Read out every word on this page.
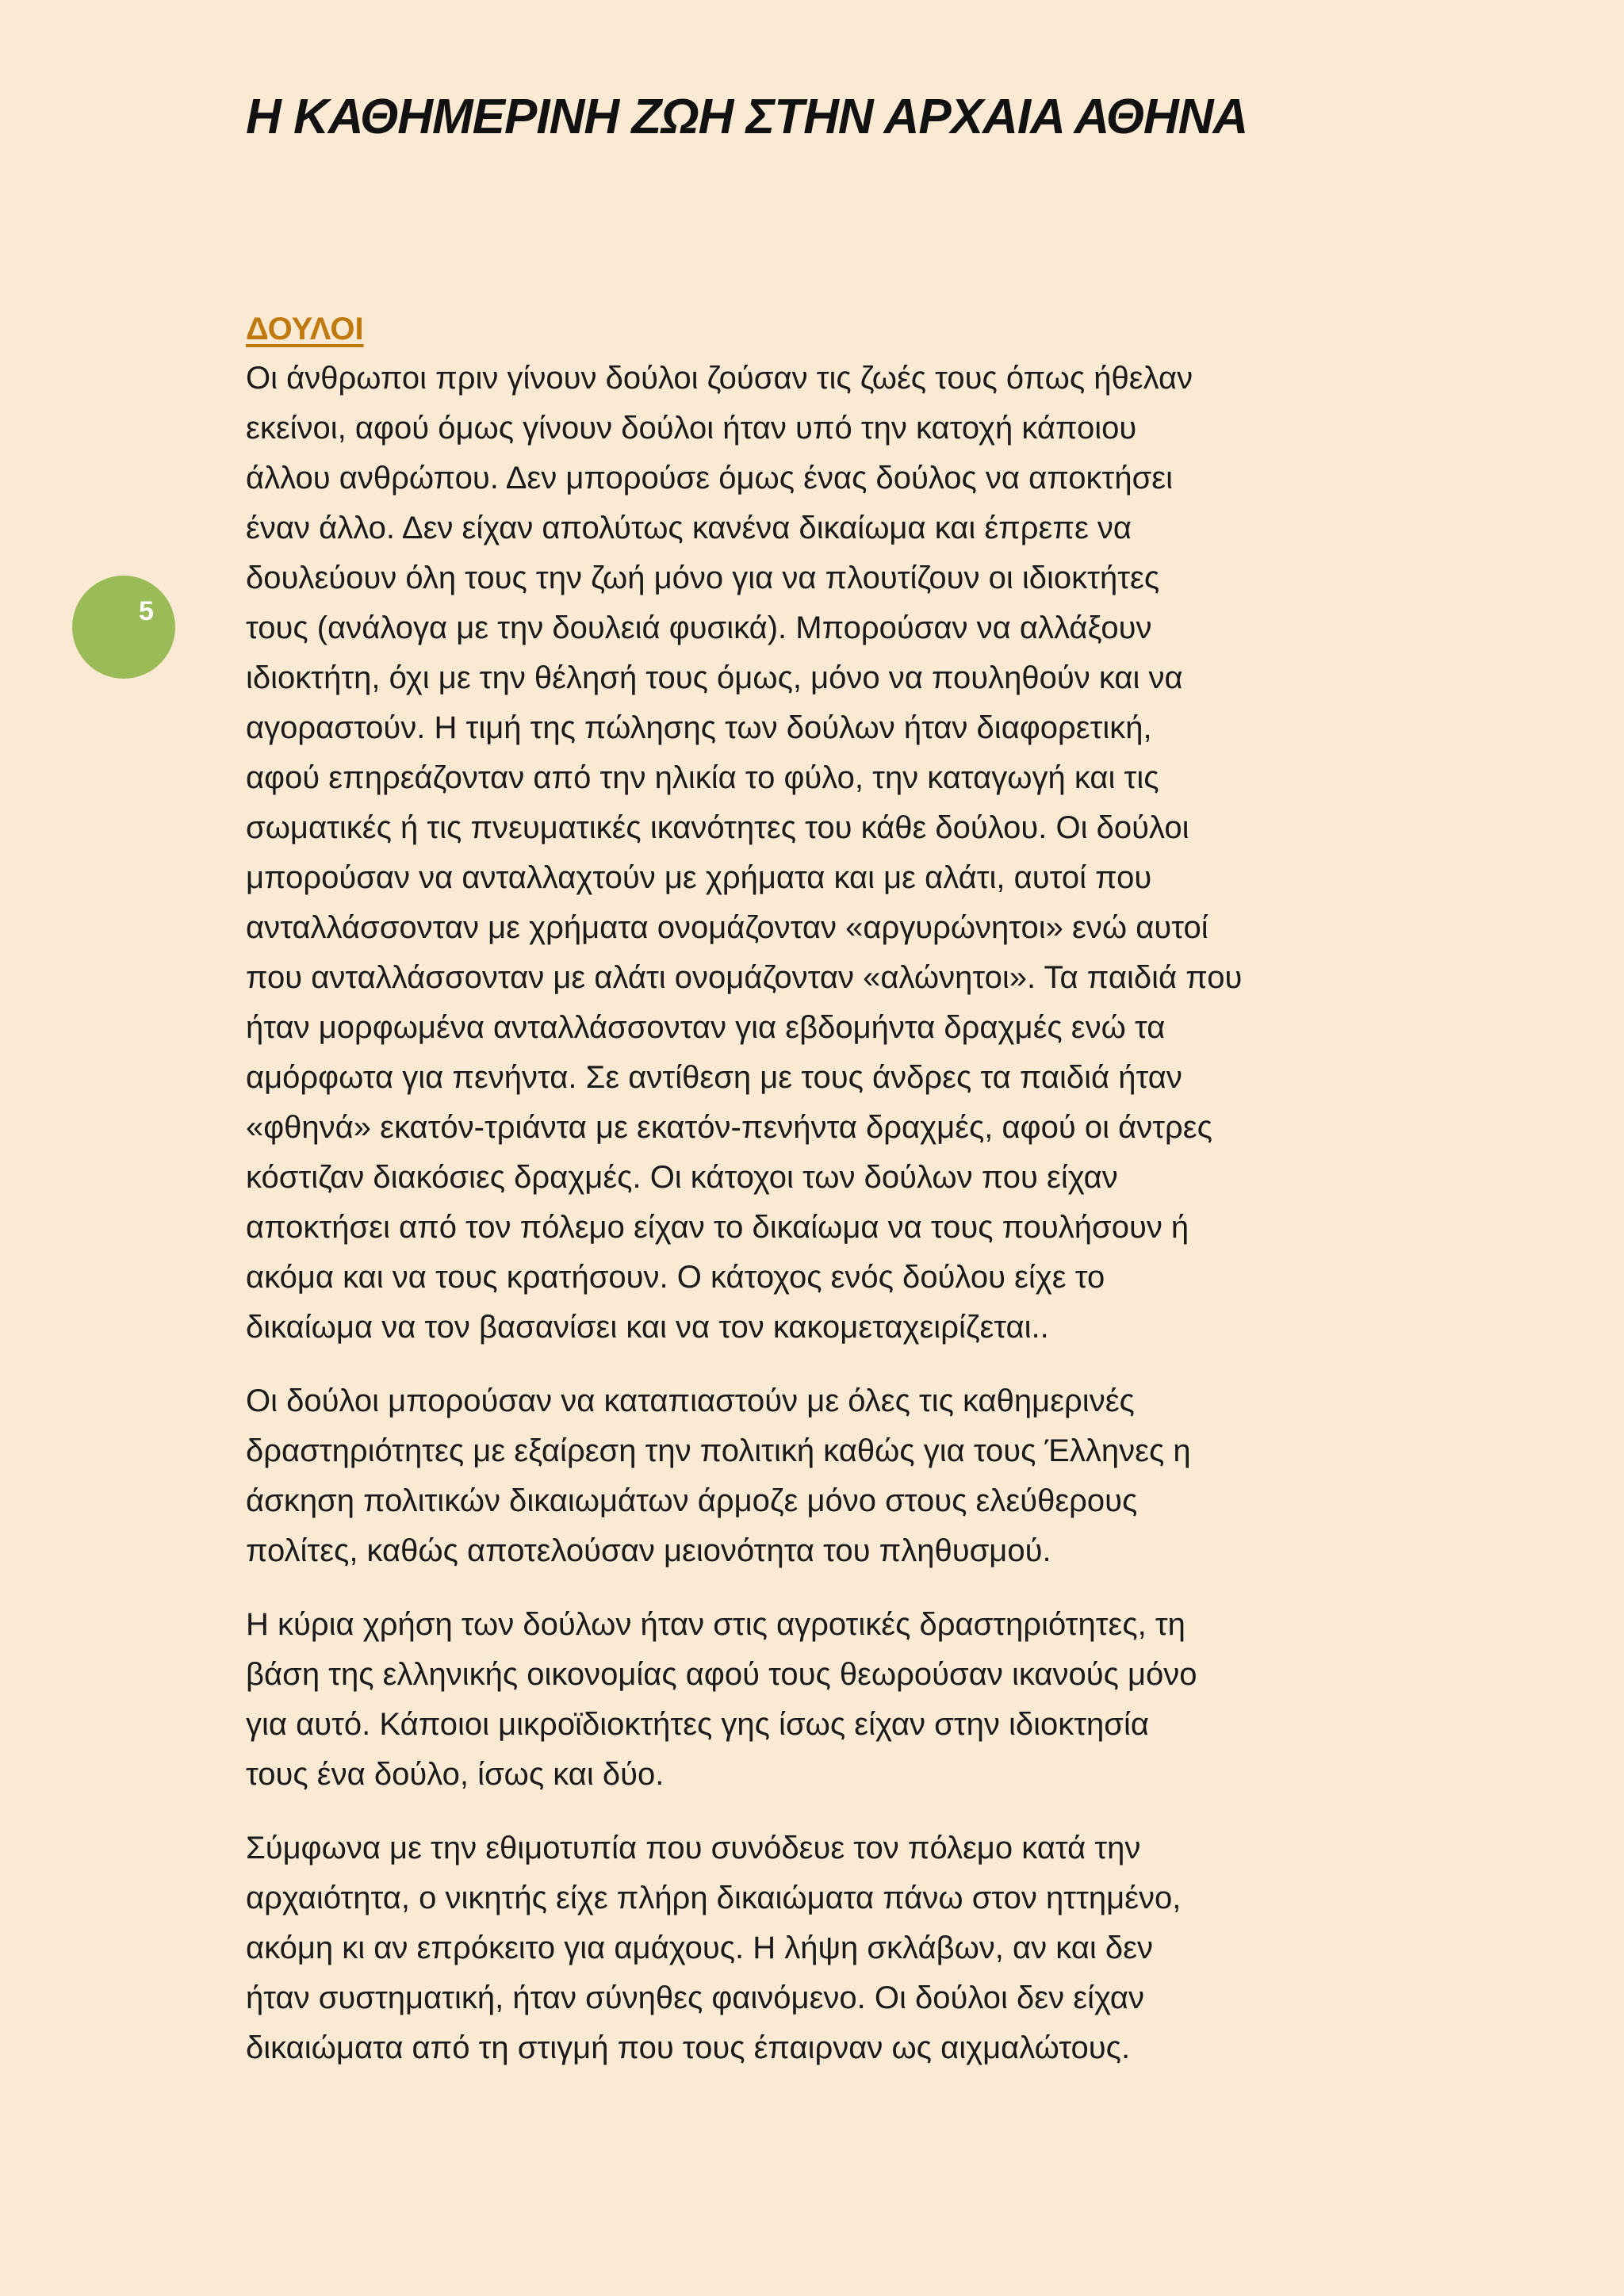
Η ΚΑΘΗΜΕΡΙΝΗ ΖΩΗ ΣΤΗΝ ΑΡΧΑΙΑ ΑΘΗΝΑ
5
ΔΟΥΛΟΙ

Οι άνθρωποι πριν γίνουν δούλοι ζούσαν τις ζωές τους όπως ήθελαν
εκείνοι, αφού όμως γίνουν δούλοι ήταν υπό την κατοχή κάποιου
άλλου ανθρώπου. Δεν μπορούσε όμως ένας δούλος να αποκτήσει
έναν άλλο. Δεν είχαν απολύτως κανένα δικαίωμα και έπρεπε να
δουλεύουν όλη τους την ζωή μόνο για να πλουτίζουν οι ιδιοκτήτες
τους (ανάλογα με την δουλειά φυσικά). Μπορούσαν να αλλάξουν
ιδιοκτήτη, όχι με την θέλησή τους όμως, μόνο να πουληθούν και να
αγοραστούν. Η τιμή της πώλησης των δούλων ήταν διαφορετική,
αφού επηρεάζονταν από την ηλικία το φύλο, την καταγωγή και τις
σωματικές ή τις πνευματικές ικανότητες του κάθε δούλου. Οι δούλοι
μπορούσαν να ανταλλαχτούν με χρήματα και με αλάτι, αυτοί που
ανταλλάσσονταν με χρήματα ονομάζονταν «αργυρώνητοι» ενώ αυτοί
που ανταλλάσσονταν με αλάτι ονομάζονταν «αλώνητοι». Τα παιδιά που
ήταν μορφωμένα ανταλλάσσονταν για εβδομήντα δραχμές ενώ τα
αμόρφωτα για πενήντα. Σε αντίθεση με τους άνδρες τα παιδιά ήταν
«φθηνά» εκατόν-τριάντα με εκατόν-πενήντα δραχμές, αφού οι άντρες
κόστιζαν διακόσιες δραχμές. Οι κάτοχοι των δούλων που είχαν
αποκτήσει από τον πόλεμο είχαν το δικαίωμα να τους πουλήσουν ή
ακόμα και να τους κρατήσουν. Ο κάτοχος ενός δούλου είχε το
δικαίωμα να τον βασανίσει και να τον κακομεταχειρίζεται..

Οι δούλοι μπορούσαν να καταπιαστούν με όλες τις καθημερινές
δραστηριότητες με εξαίρεση την πολιτική καθώς για τους Έλληνες η
άσκηση πολιτικών δικαιωμάτων άρμοζε μόνο στους ελεύθερους
πολίτες, καθώς αποτελούσαν μειονότητα του πληθυσμού.

Η κύρια χρήση των δούλων ήταν στις αγροτικές δραστηριότητες, τη
βάση της ελληνικής οικονομίας αφού τους θεωρούσαν ικανούς μόνο
για αυτό. Κάποιοι μικροϊδιοκτήτες γης ίσως είχαν στην ιδιοκτησία
τους ένα δούλο, ίσως και δύο.

Σύμφωνα με την εθιμοτυπία που συνόδευε τον πόλεμο κατά την
αρχαιότητα, ο νικητής είχε πλήρη δικαιώματα πάνω στον ηττημένο,
ακόμη κι αν επρόκειτο για αμάχους. Η λήψη σκλάβων, αν και δεν
ήταν συστηματική, ήταν σύνηθες φαινόμενο. Οι δούλοι δεν είχαν
δικαιώματα από τη στιγμή που τους έπαιρναν ως αιχμαλώτους.
